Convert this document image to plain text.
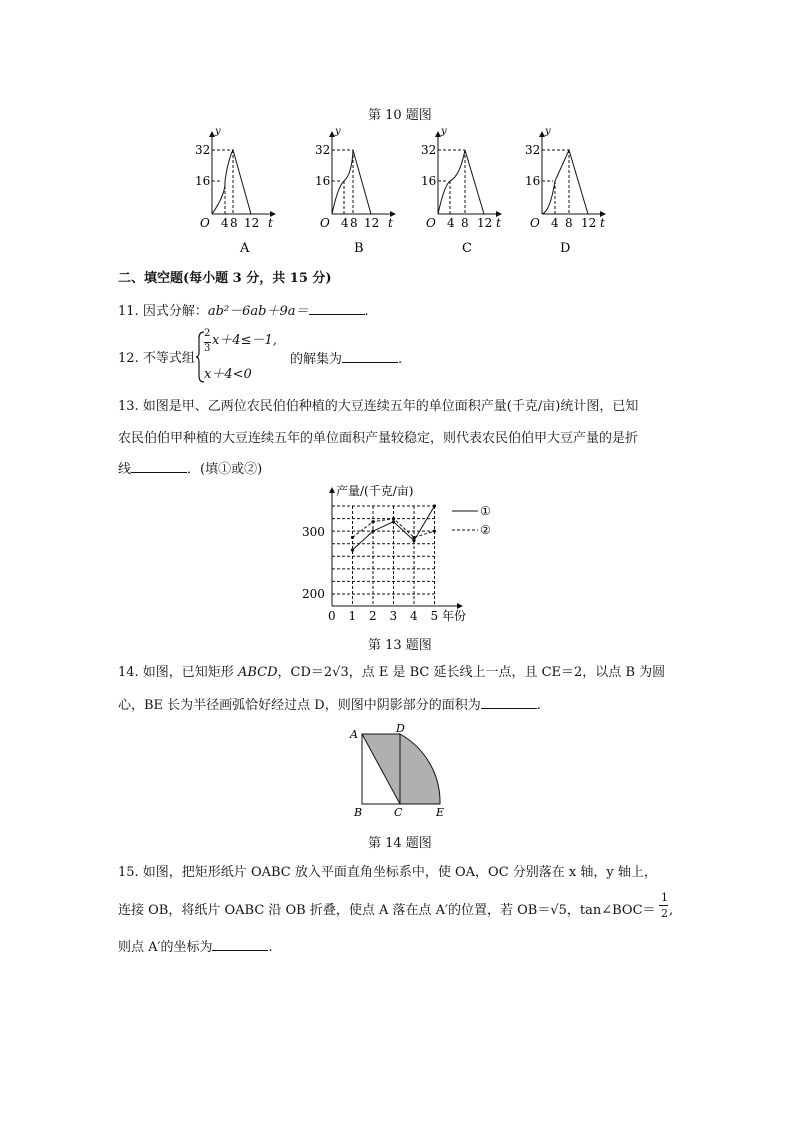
第 10 题图
32
16
y
O 4 8 12 t
A
32
16
y
O 4 8 12 t
B
32
16
y
O 4 8 12 t
C
32
16
y
O 4 8 12 t
D
二、填空题(每小题 3 分，共 15 分)
11. 因式分解：ab²－6ab＋9a＝	.
12. 不等式组
2
3
x＋4≤－1,
x＋4<0
的解集为	.
13. 如图是甲、乙两位农民伯伯种植的大豆连续五年的单位面积产量(千克/亩)统计图，已知
农民伯伯甲种植的大豆连续五年的单位面积产量较稳定，则代表农民伯伯甲大豆产量的是折
线	．(填①或②)
产量/(千克/亩)
年份
300
200
0 1 2 3 4 5
①
②
第 13 题图
14. 如图，已知矩形 ABCD，CD＝2√3，点 E 是 BC 延长线上一点，且 CE＝2，以点 B 为圆
心，BE 长为半径画弧恰好经过点 D，则图中阴影部分的面积为	.
A	D
B	C	E
第 14 题图
15. 如图，把矩形纸片 OABC 放入平面直角坐标系中，使 OA，OC 分别落在 x 轴，y 轴上，
连接 OB，将纸片 OABC 沿 OB 折叠，使点 A 落在点 A′的位置，若 OB＝√5，tan∠BOC＝
1
2 ,
则点 A′的坐标为	.
